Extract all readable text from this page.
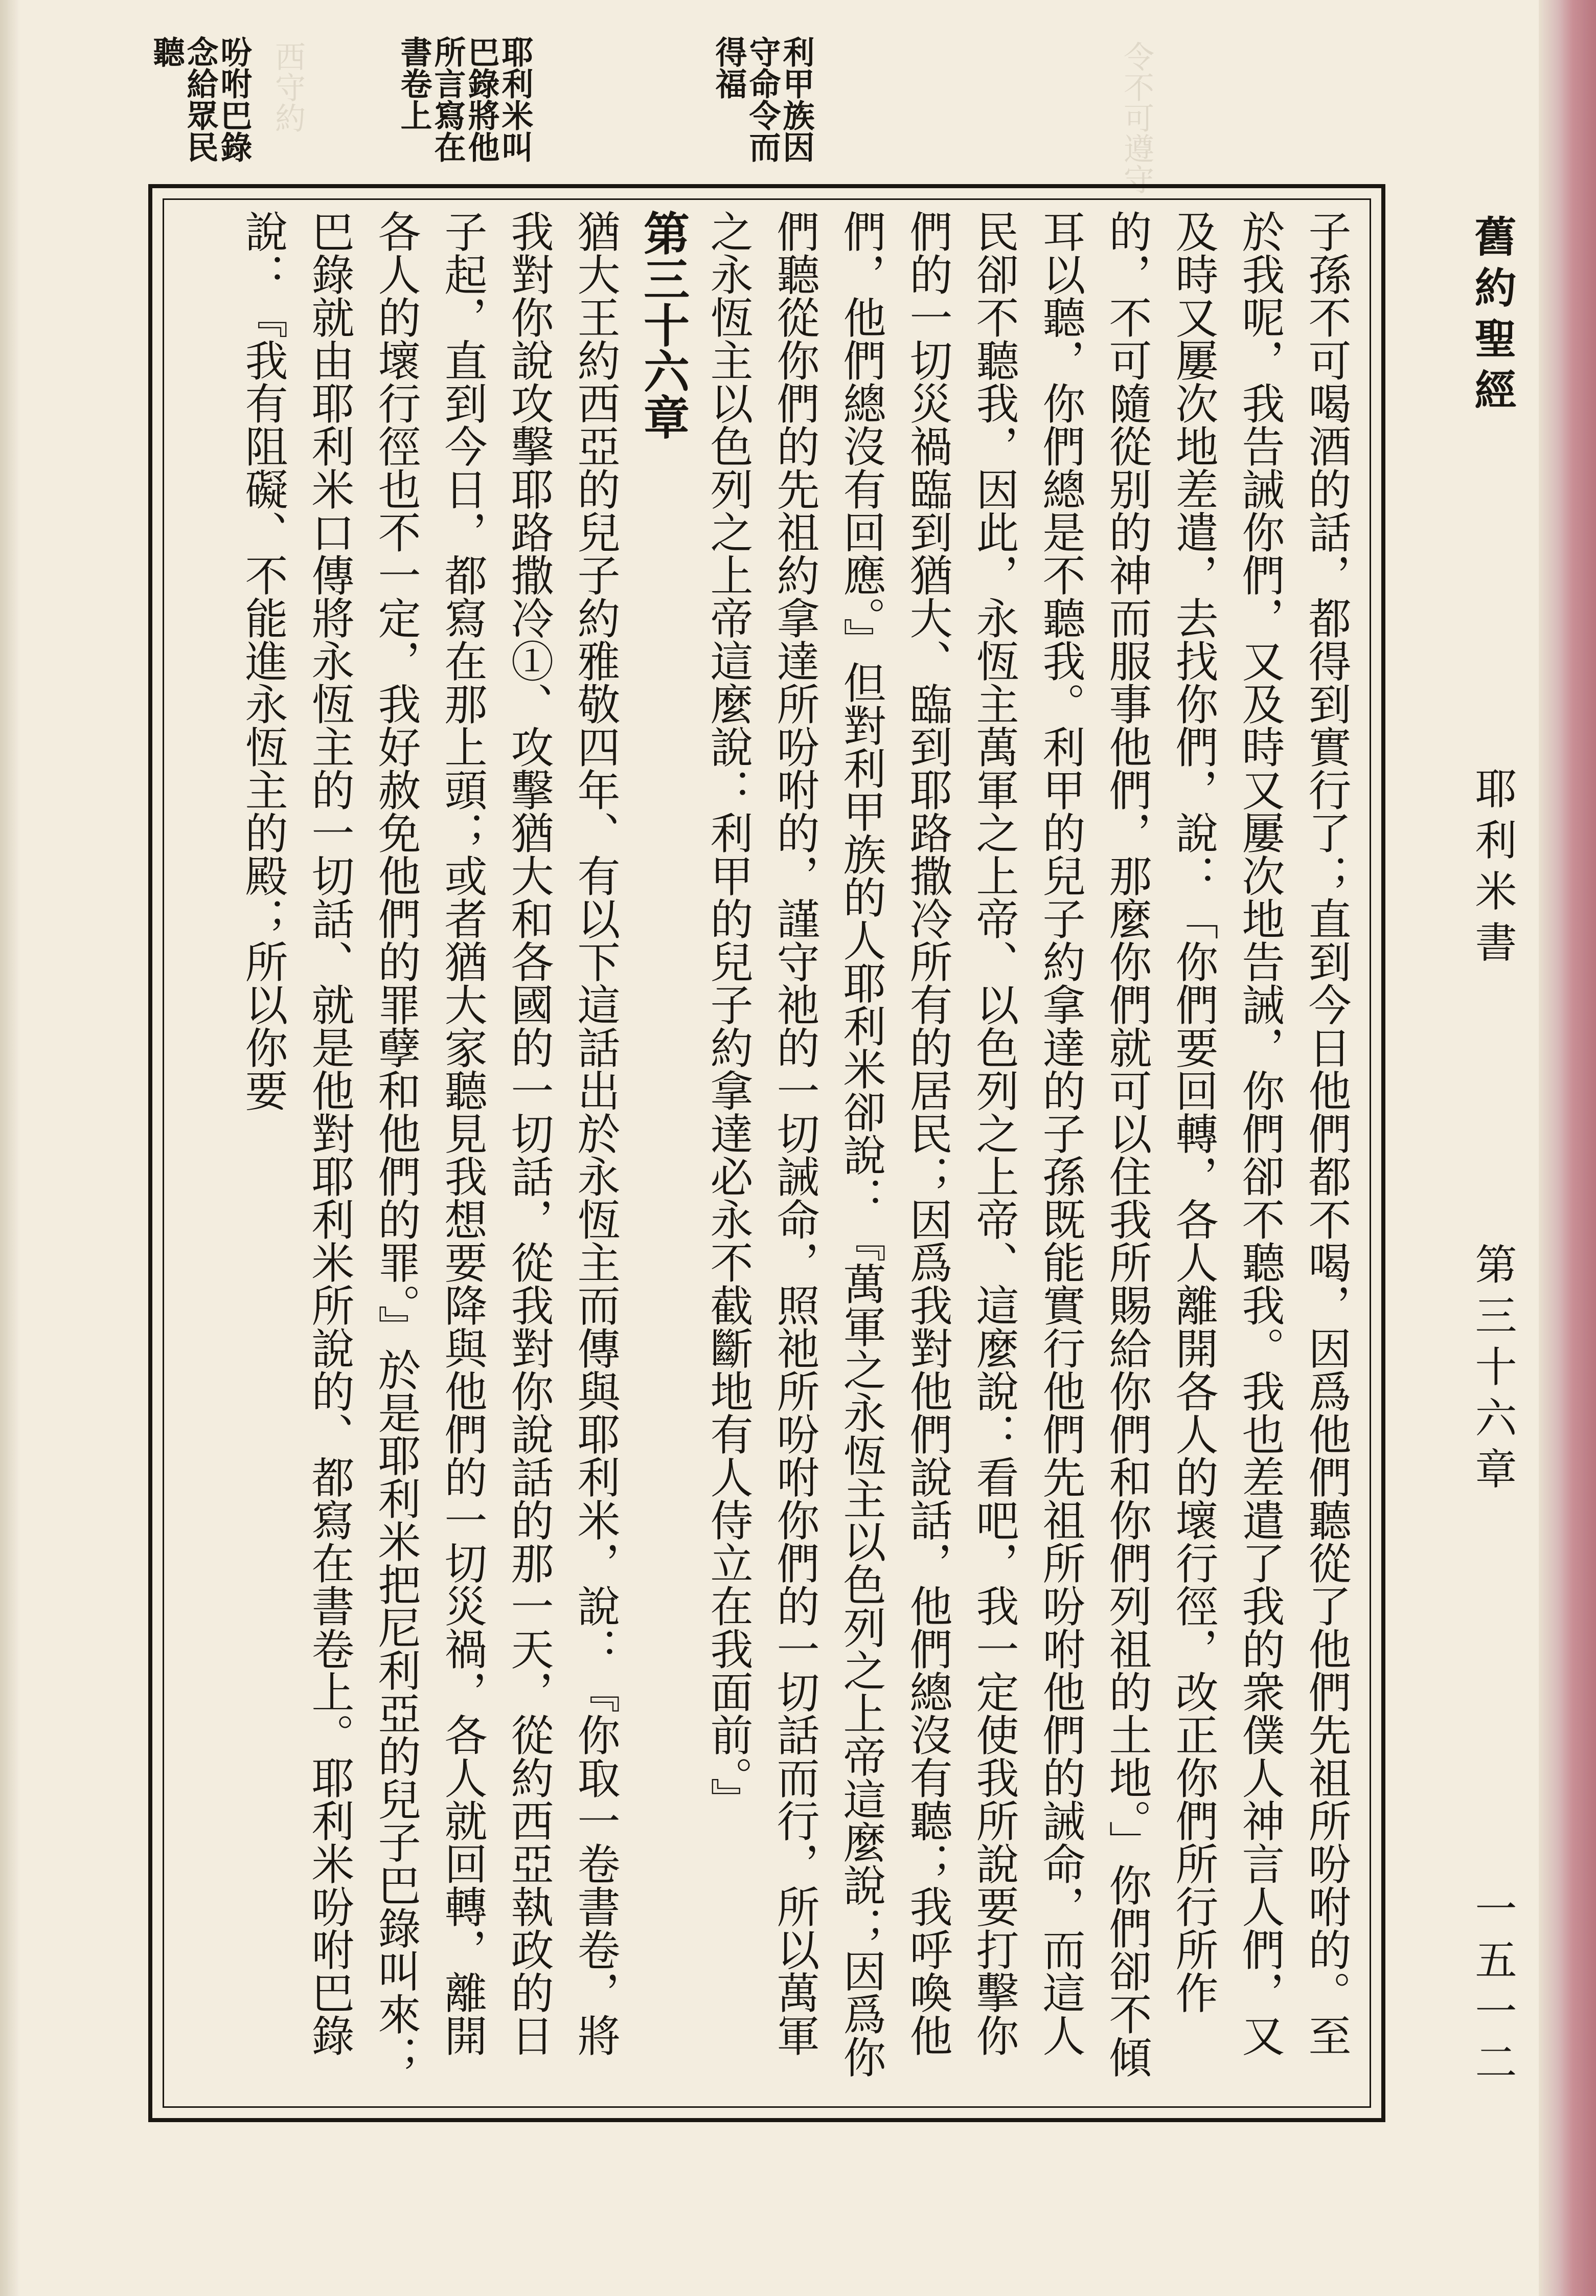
令不可遵守
西守約	利甲族因守命令而得福
耶利米叫巴錄將他所言寫在書卷上
吩咐巴錄念給眾民聽

子孫不可喝酒的話，都得到實行了；直到今日他們都不喝，因爲他們聽從了他們先祖所吩咐的。至於我呢，我告誡你們，又及時又屢次地告誡，你們卻不聽我。我也差遣了我的衆僕人神言人們，又及時又屢次地差遣，去找你們，說：「你們要回轉，各人離開各人的壞行徑，改正你們所行所作的，不可隨從别的神而服事他們，那麼你們就可以住我所賜給你們和你們列祖的土地。」你們卻不傾耳以聽，你們總是不聽我。利甲的兒子約拿達的子孫既能實行他們先祖所吩咐他們的誡命，而這人民卻不聽我，因此，永恆主萬軍之上帝、以色列之上帝、這麼說：看吧，我一定使我所說要打擊你們的一切災禍臨到猶大、臨到耶路撒冷所有的居民；因爲我對他們說話，他們總沒有聽；我呼喚他們，他們總沒有回應。』但對利甲族的人耶利米卻說：『萬軍之永恆主以色列之上帝這麼說；因爲你們聽從你們的先祖約拿達所吩咐的，謹守祂的一切誡命，照祂所吩咐你們的一切話而行，所以萬軍之永恆主以色列之上帝這麼說：利甲的兒子約拿達必永不截斷地有人侍立在我面前。』

第三十六章

猶大王約西亞的兒子約雅敬四年、有以下這話出於永恆主而傳與耶利米，說：『你取一卷書卷，將我對你說攻擊耶路撒冷①、攻擊猶大和各國的一切話，從我對你說話的那一天，從約西亞執政的日子起，直到今日，都寫在那上頭；或者猶大家聽見我想要降與他們的一切災禍，各人就回轉，離開各人的壞行徑也不一定，我好赦免他們的罪孽和他們的罪。』於是耶利米把尼利亞的兒子巴錄叫來；巴錄就由耶利米口傳將永恆主的一切話、就是他對耶利米所說的、都寫在書卷上。耶利米吩咐巴錄說：『我有阻礙、不能進永恆主的殿；所以你要	舊約聖經
耶利米書
第三十六章
一五一二
